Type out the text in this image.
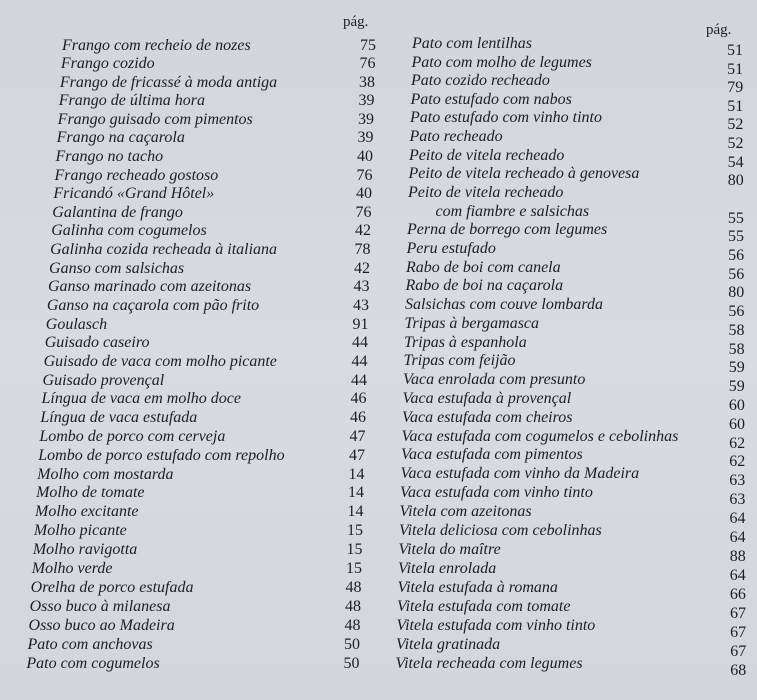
pág.	pág.
Frango com recheio de nozes	75
Frango cozido	76
Frango de fricassé à moda antiga	38
Frango de última hora	39
Frango guisado com pimentos	39
Frango na caçarola	39
Frango no tacho	40
Frango recheado gostoso	76
Fricandó «Grand Hôtel»	40
Galantina de frango	76
Galinha com cogumelos	42
Galinha cozida recheada à italiana	78
Ganso com salsichas	42
Ganso marinado com azeitonas	43
Ganso na caçarola com pão frito	43
Goulasch	91
Guisado caseiro	44
Guisado de vaca com molho picante	44
Guisado provençal	44
Língua de vaca em molho doce	46
Língua de vaca estufada	46
Lombo de porco com cerveja	47
Lombo de porco estufado com repolho	47
Molho com mostarda	14
Molho de tomate	14
Molho excitante	14
Molho picante	15
Molho ravigotta	15
Molho verde	15
Orelha de porco estufada	48
Osso buco à milanesa	48
Osso buco ao Madeira	48
Pato com anchovas	50
Pato com cogumelos	50
Pato com lentilhas	51
Pato com molho de legumes	51
Pato cozido recheado	79
Pato estufado com nabos	51
Pato estufado com vinho tinto	52
Pato recheado	52
Peito de vitela recheado	54
Peito de vitela recheado à genovesa	80
Peito de vitela recheado
com fiambre e salsichas	55
Perna de borrego com legumes	55
Peru estufado	56
Rabo de boi com canela	56
Rabo de boi na caçarola	80
Salsichas com couve lombarda	56
Tripas à bergamasca	58
Tripas à espanhola	58
Tripas com feijão	59
Vaca enrolada com presunto	59
Vaca estufada à provençal	60
Vaca estufada com cheiros	60
Vaca estufada com cogumelos e cebolinhas	62
Vaca estufada com pimentos	62
Vaca estufada com vinho da Madeira	63
Vaca estufada com vinho tinto	63
Vitela com azeitonas	64
Vitela deliciosa com cebolinhas	64
Vitela do maître	88
Vitela enrolada	64
Vitela estufada à romana	66
Vitela estufada com tomate	67
Vitela estufada com vinho tinto	67
Vitela gratinada	67
Vitela recheada com legumes	68
